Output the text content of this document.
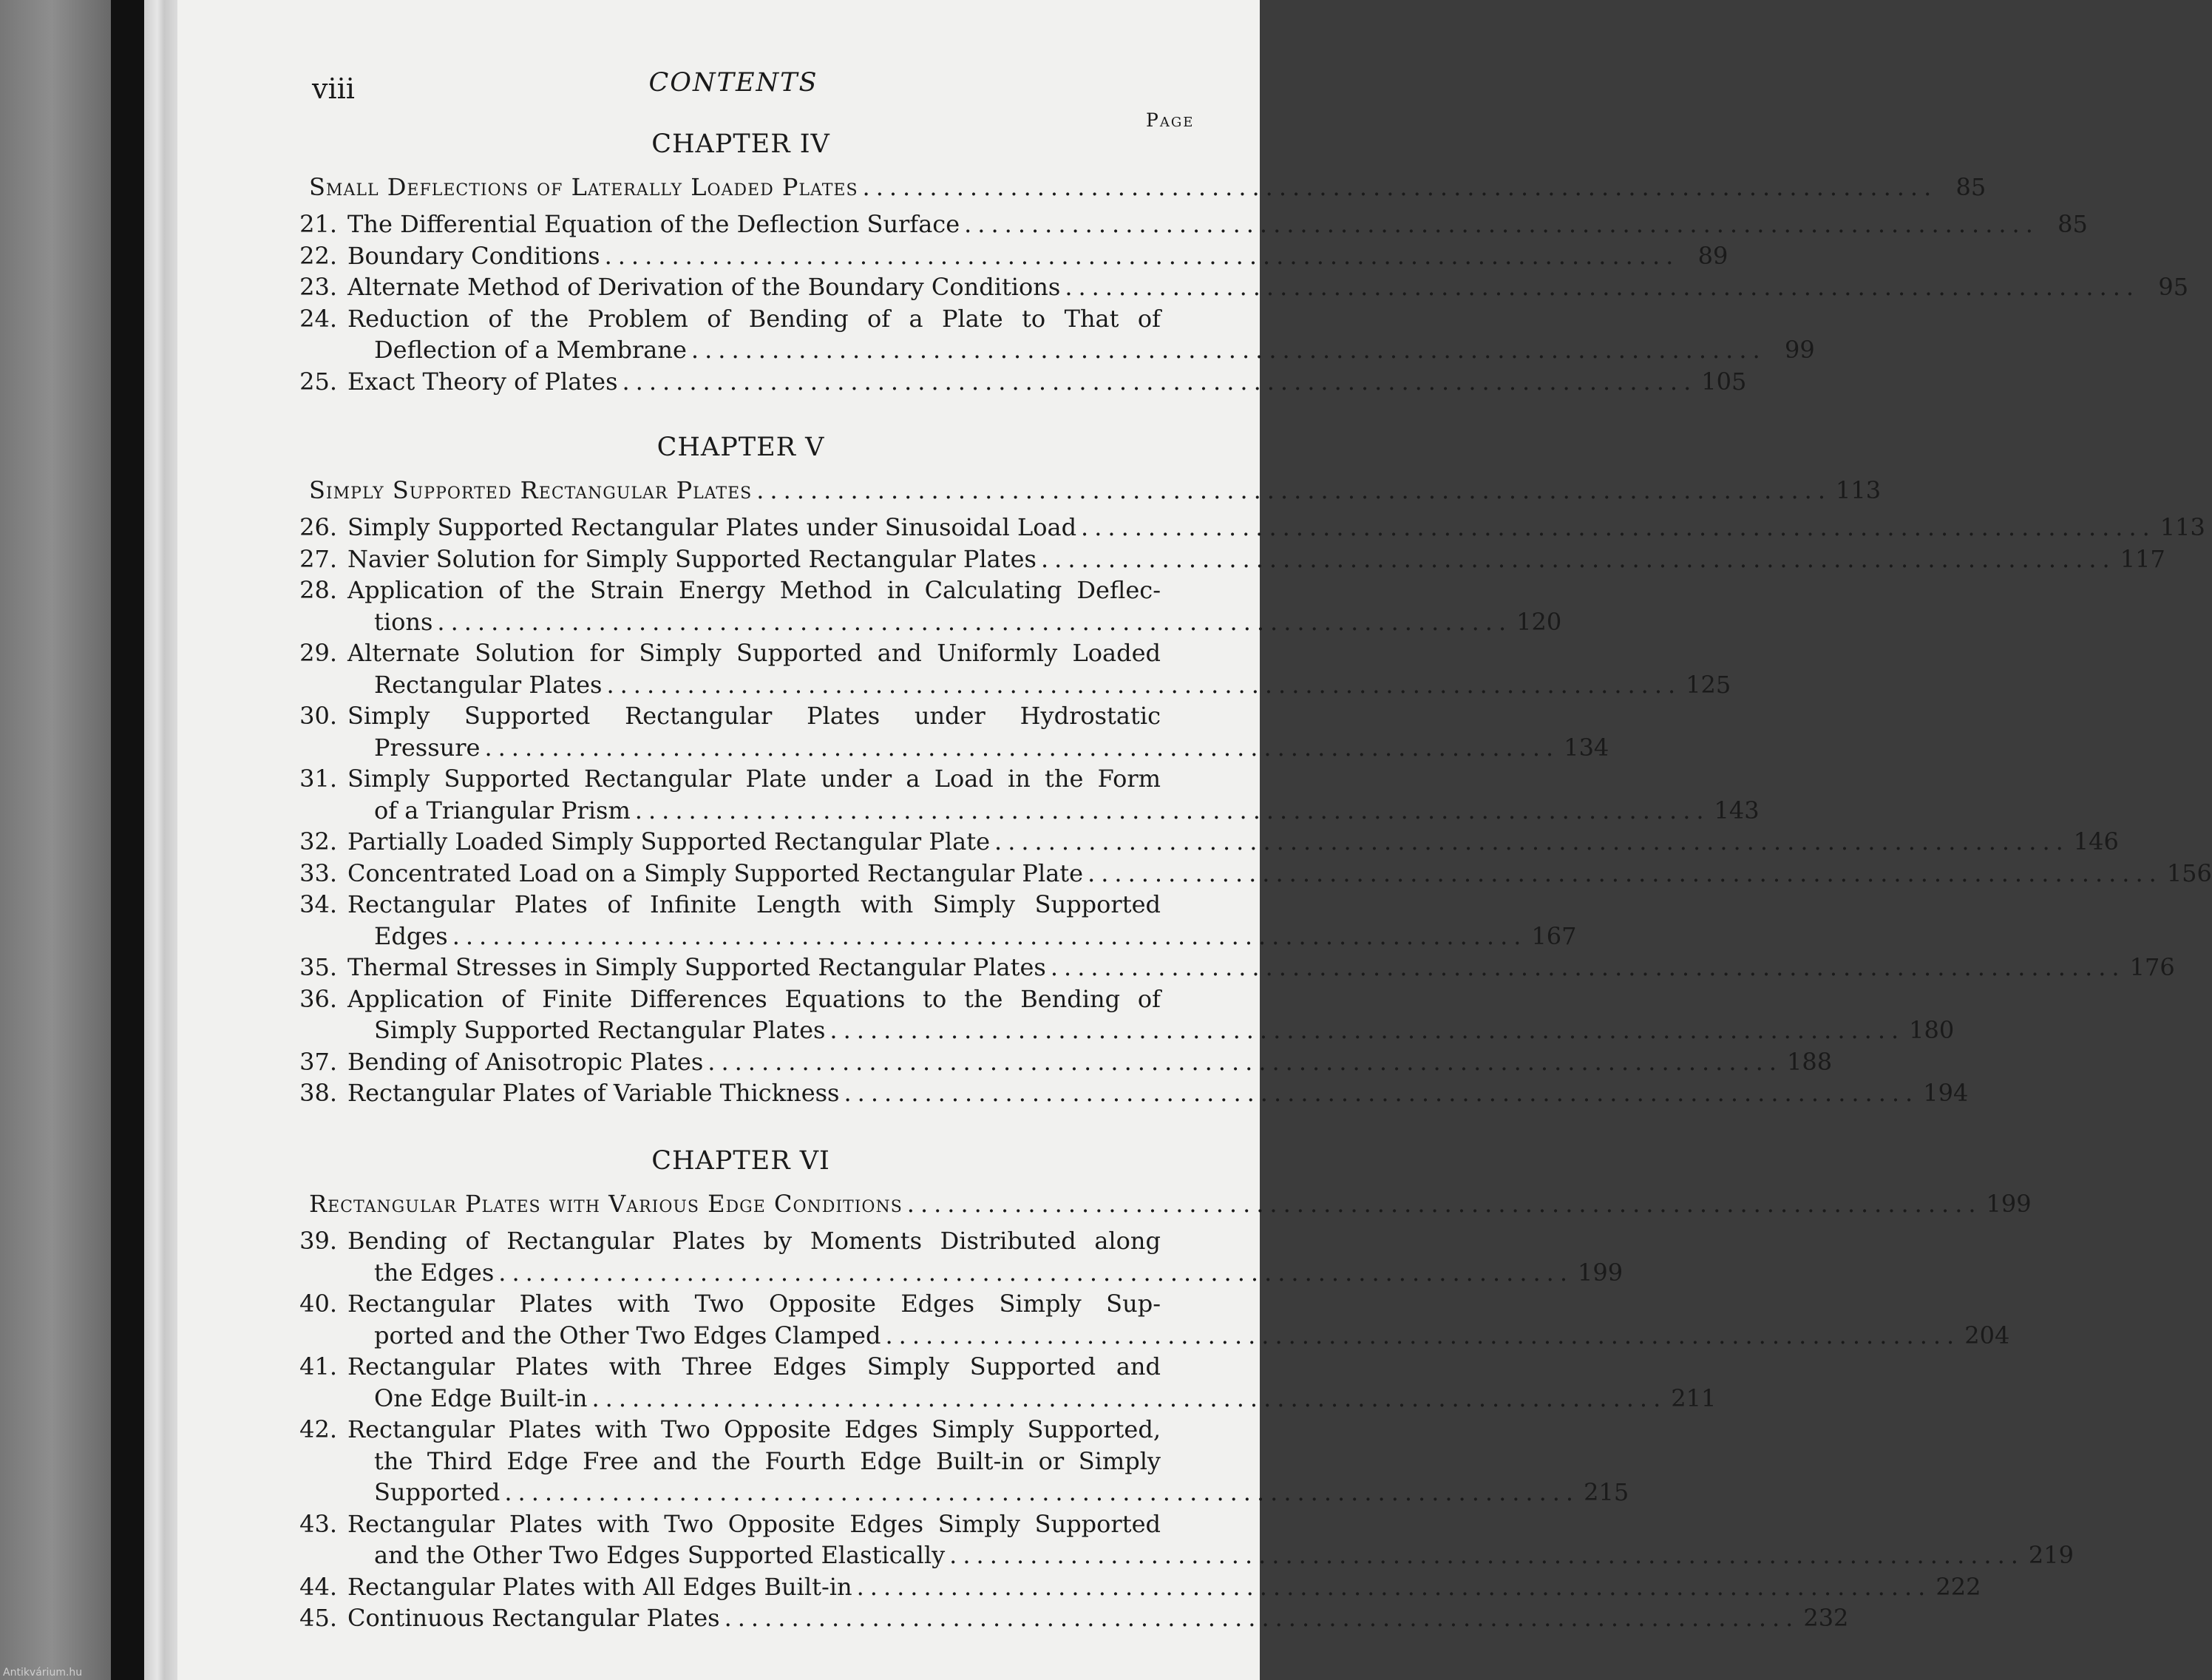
viii	CONTENTS
Page
CHAPTER IV
Small Deflections of Laterally Loaded Plates ................................................................................ 85
21. The Differential Equation of the Deflection Surface ................................................................................ 85
22. Boundary Conditions ................................................................................ 89
23. Alternate Method of Derivation of the Boundary Conditions ................................................................................ 95
24. Reduction of the Problem of Bending of a Plate to That of
Deflection of a Membrane ................................................................................ 99
25. Exact Theory of Plates ................................................................................ 105
CHAPTER V
Simply Supported Rectangular Plates ................................................................................ 113
26. Simply Supported Rectangular Plates under Sinusoidal Load ................................................................................ 113
27. Navier Solution for Simply Supported Rectangular Plates ................................................................................ 117
28. Application of the Strain Energy Method in Calculating Deflec-
tions ................................................................................ 120
29. Alternate Solution for Simply Supported and Uniformly Loaded
Rectangular Plates ................................................................................ 125
30. Simply Supported Rectangular Plates under Hydrostatic
Pressure ................................................................................ 134
31. Simply Supported Rectangular Plate under a Load in the Form
of a Triangular Prism ................................................................................ 143
32. Partially Loaded Simply Supported Rectangular Plate ................................................................................ 146
33. Concentrated Load on a Simply Supported Rectangular Plate ................................................................................ 156
34. Rectangular Plates of Infinite Length with Simply Supported
Edges ................................................................................ 167
35. Thermal Stresses in Simply Supported Rectangular Plates ................................................................................ 176
36. Application of Finite Differences Equations to the Bending of
Simply Supported Rectangular Plates ................................................................................ 180
37. Bending of Anisotropic Plates ................................................................................ 188
38. Rectangular Plates of Variable Thickness ................................................................................ 194
CHAPTER VI
Rectangular Plates with Various Edge Conditions ................................................................................ 199
39. Bending of Rectangular Plates by Moments Distributed along
the Edges ................................................................................ 199
40. Rectangular Plates with Two Opposite Edges Simply Sup-
ported and the Other Two Edges Clamped ................................................................................ 204
41. Rectangular Plates with Three Edges Simply Supported and
One Edge Built-in ................................................................................ 211
42. Rectangular Plates with Two Opposite Edges Simply Supported,
the Third Edge Free and the Fourth Edge Built-in or Simply
Supported ................................................................................ 215
43. Rectangular Plates with Two Opposite Edges Simply Supported
and the Other Two Edges Supported Elastically ................................................................................ 219
44. Rectangular Plates with All Edges Built-in ................................................................................ 222
45. Continuous Rectangular Plates ................................................................................ 232
Antikvárium.hu
